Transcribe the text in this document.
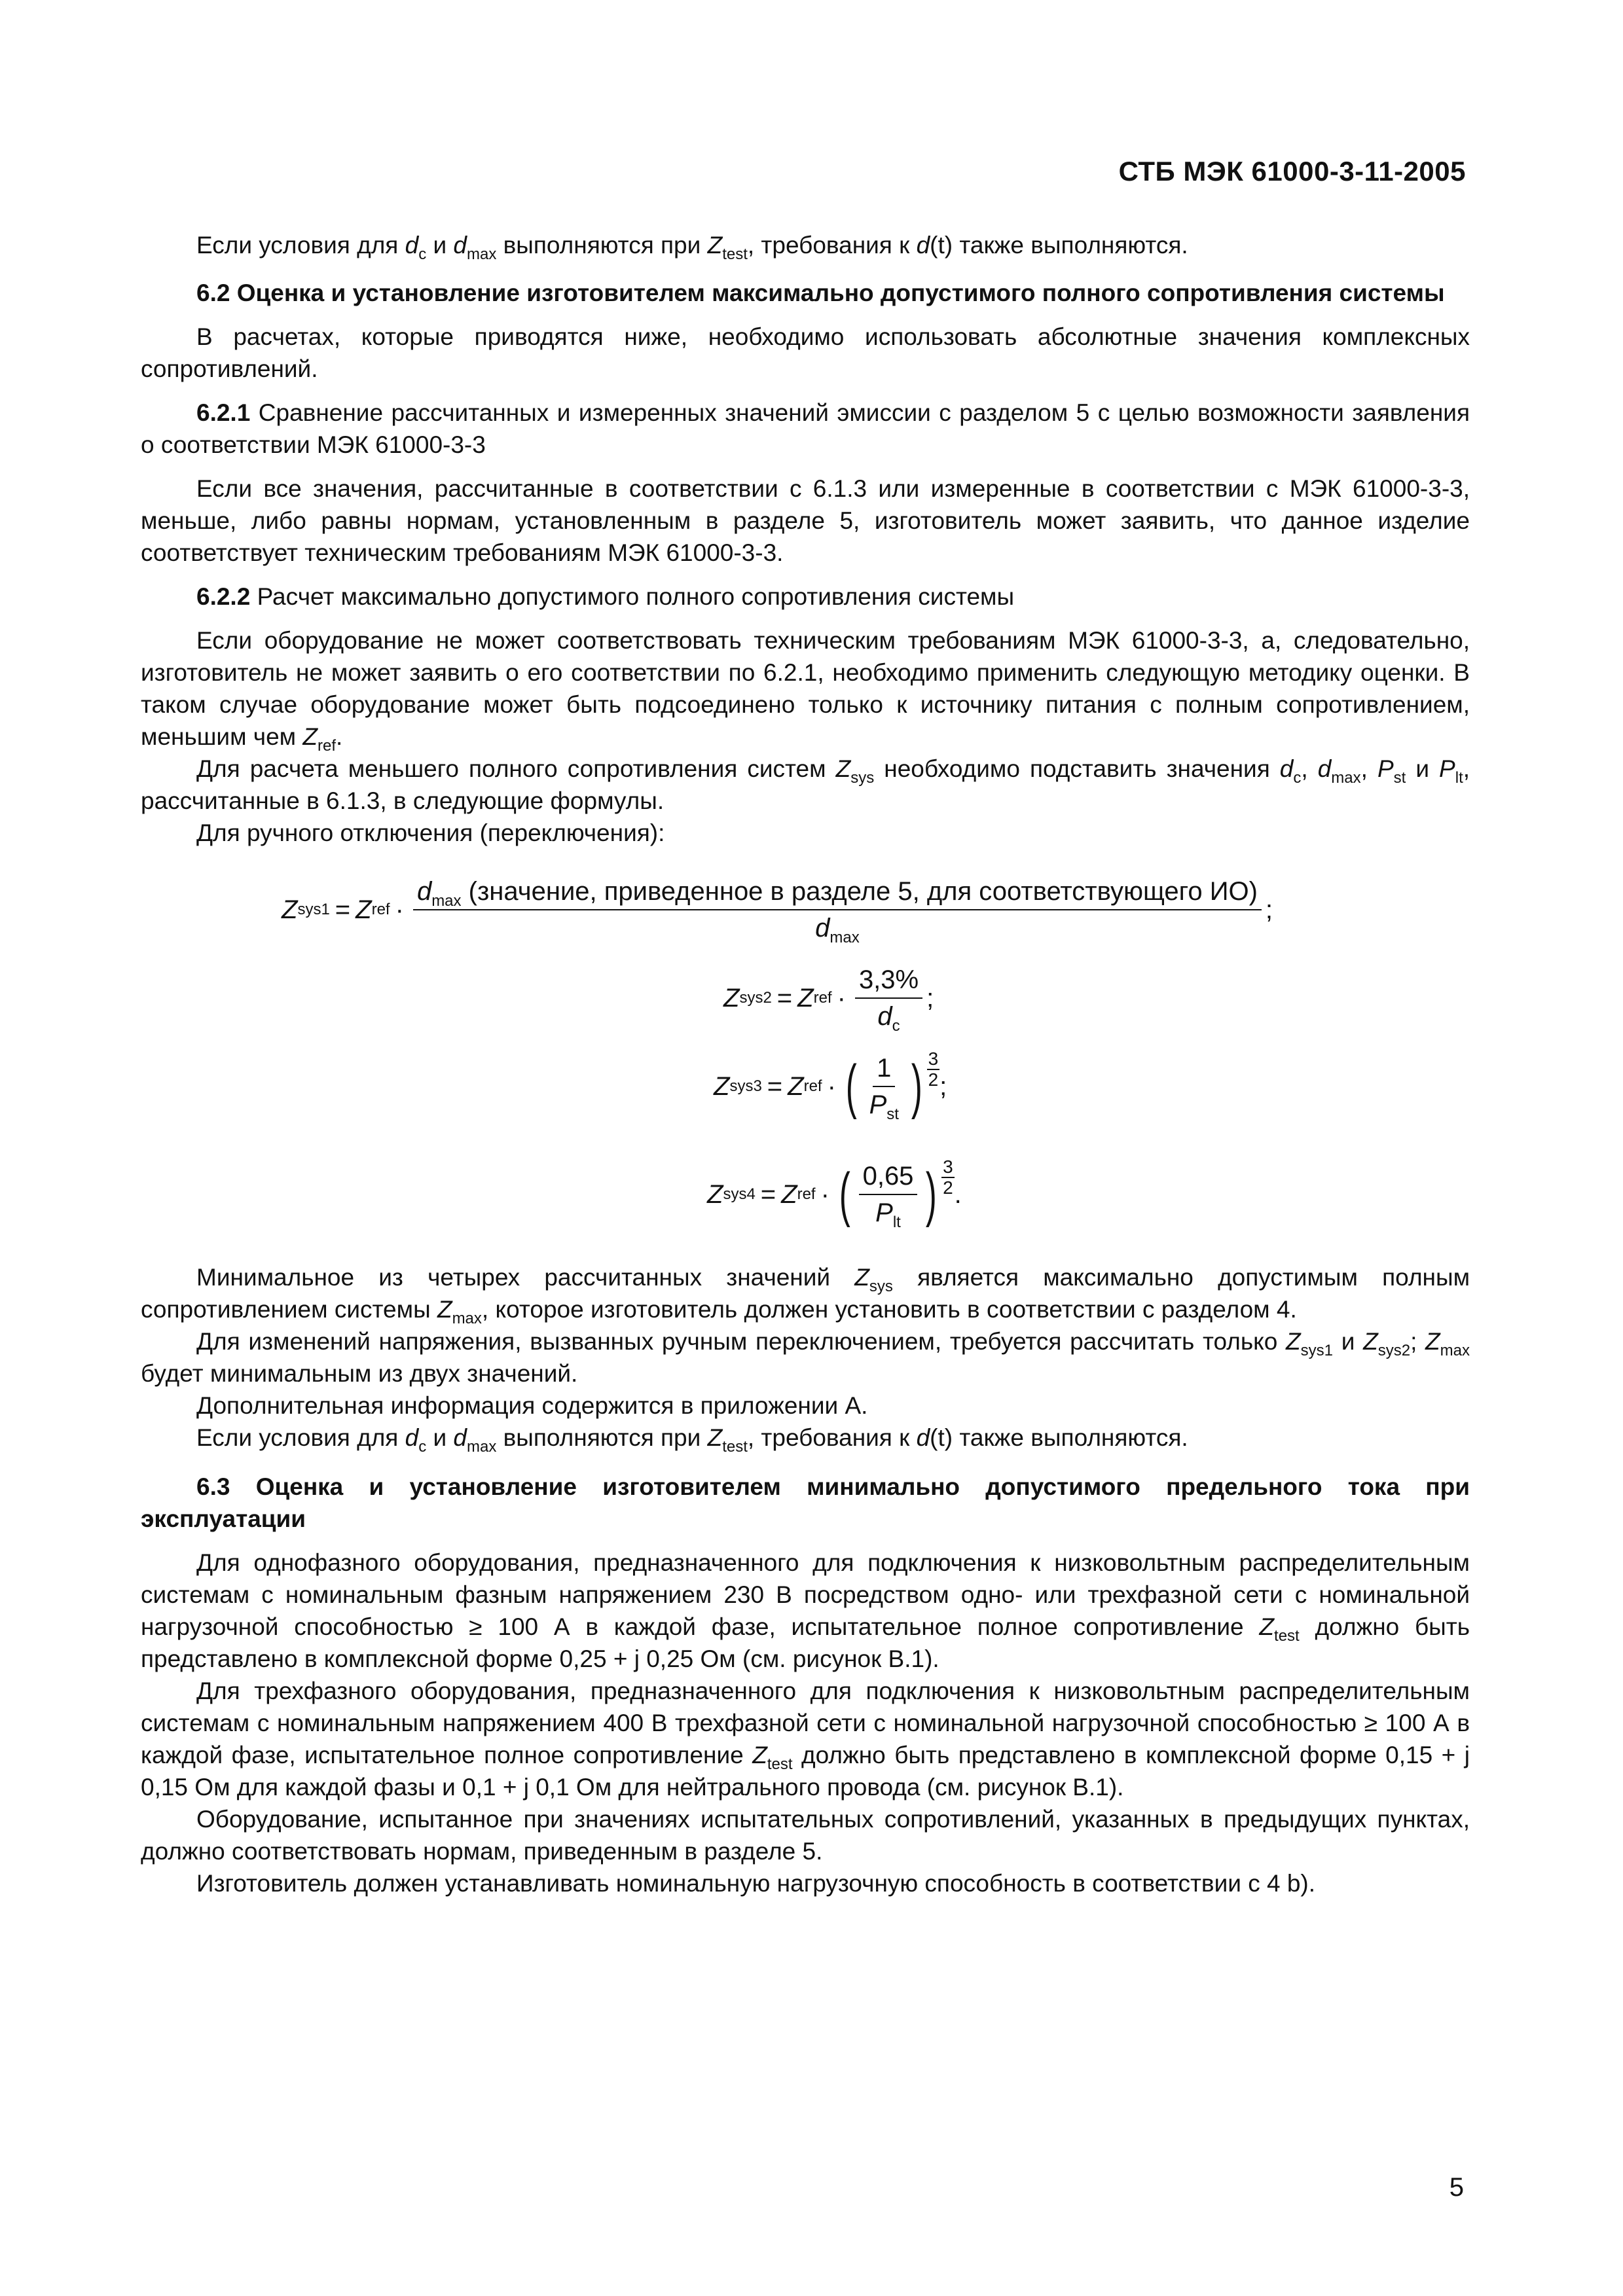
СТБ МЭК 61000-3-11-2005

Если условия для $d_c$ и $d_{max}$ выполняются при $Z_{test}$, требования к d(t) также выполняются.

6.2 Оценка и установление изготовителем максимально допустимого полного сопротивления системы

В расчетах, которые приводятся ниже, необходимо использовать абсолютные значения комплексных сопротивлений.

6.2.1 Сравнение рассчитанных и измеренных значений эмиссии с разделом 5 с целью возможности заявления о соответствии МЭК 61000-3-3

Если все значения, рассчитанные в соответствии с 6.1.3 или измеренные в соответствии с МЭК 61000-3-3, меньше, либо равны нормам, установленным в разделе 5, изготовитель может заявить, что данное изделие соответствует техническим требованиям МЭК 61000-3-3.

6.2.2 Расчет максимально допустимого полного сопротивления системы

Если оборудование не может соответствовать техническим требованиям МЭК 61000-3-3, а, следовательно, изготовитель не может заявить о его соответствии по 6.2.1, необходимо применить следующую методику оценки. В таком случае оборудование может быть подсоединено только к источнику питания с полным сопротивлением, меньшим чем $Z_{ref}$.

Для расчета меньшего полного сопротивления систем $Z_{sys}$ необходимо подставить значения $d_c$, $d_{max}$, $P_{st}$ и $P_{lt}$, рассчитанные в 6.1.3, в следующие формулы.

Для ручного отключения (переключения):

Z sys1 = Z ref ·
$d_{max}$ (значение, приведенное в разделе 5, для соответствующего ИО)
$d_{max}$
;
Z sys2 = Z ref · $\frac{3,3\%}{d_c}$ ;
Z sys3 = Z ref · ( $\frac{1}{P_{st}}$ ) 3
2 ;
Z sys4 = Z ref · ( $\frac{0,65}{P_{lt}}$ ) 3
2 .

Минимальное из четырех рассчитанных значений $Z_{sys}$ является максимально допустимым полным сопротивлением системы $Z_{max}$, которое изготовитель должен установить в соответствии с разделом 4.

Для изменений напряжения, вызванных ручным переключением, требуется рассчитать только $Z_{sys1}$ и $Z_{sys2}$; $Z_{max}$ будет минимальным из двух значений.

Дополнительная информация содержится в приложении А.

Если условия для $d_c$ и $d_{max}$ выполняются при $Z_{test}$, требования к d(t) также выполняются.

6.3 Оценка и установление изготовителем минимально допустимого предельного тока при эксплуатации

Для однофазного оборудования, предназначенного для подключения к низковольтным распределительным системам с номинальным фазным напряжением 230 В посредством одно- или трехфазной сети с номинальной нагрузочной способностью ≥ 100 А в каждой фазе, испытательное полное сопротивление $Z_{test}$ должно быть представлено в комплексной форме 0,25 + j 0,25 Ом (см. рисунок В.1).

Для трехфазного оборудования, предназначенного для подключения к низковольтным распределительным системам с номинальным напряжением 400 В трехфазной сети с номинальной нагрузочной способностью ≥ 100 А в каждой фазе, испытательное полное сопротивление $Z_{test}$ должно быть представлено в комплексной форме 0,15 + j 0,15 Ом для каждой фазы и 0,1 + j 0,1 Ом для нейтрального провода (см. рисунок В.1).

Оборудование, испытанное при значениях испытательных сопротивлений, указанных в предыдущих пунктах, должно соответствовать нормам, приведенным в разделе 5.

Изготовитель должен устанавливать номинальную нагрузочную способность в соответствии с 4 b).

5
